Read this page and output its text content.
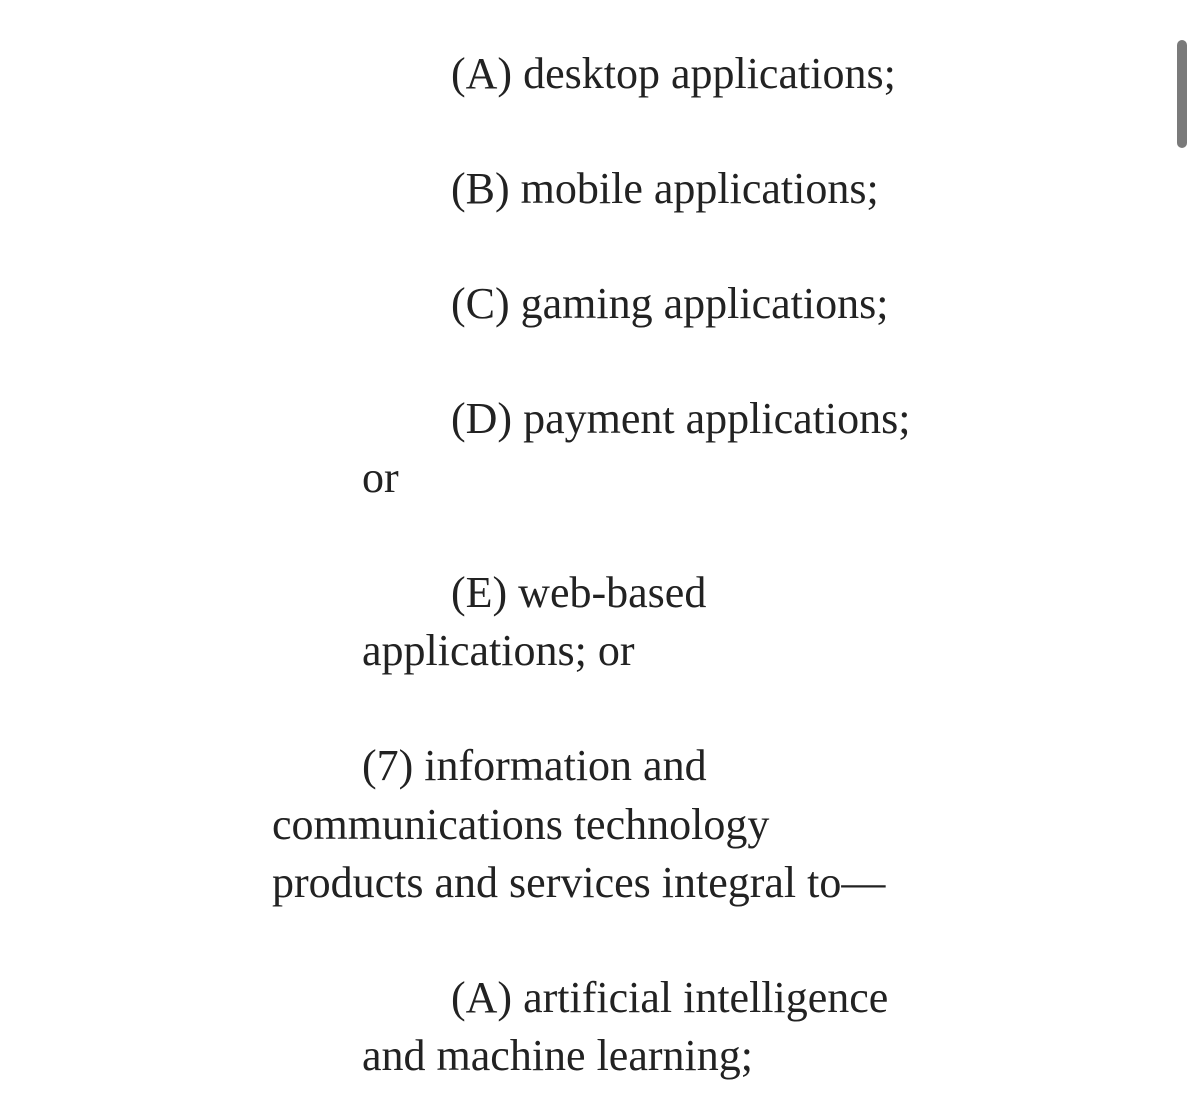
(A) desktop applications;
(B) mobile applications;
(C) gaming applications;
(D) payment applications;
or
(E) web-based
applications; or
(7) information and
communications technology
products and services integral to—
(A) artificial intelligence
and machine learning;
